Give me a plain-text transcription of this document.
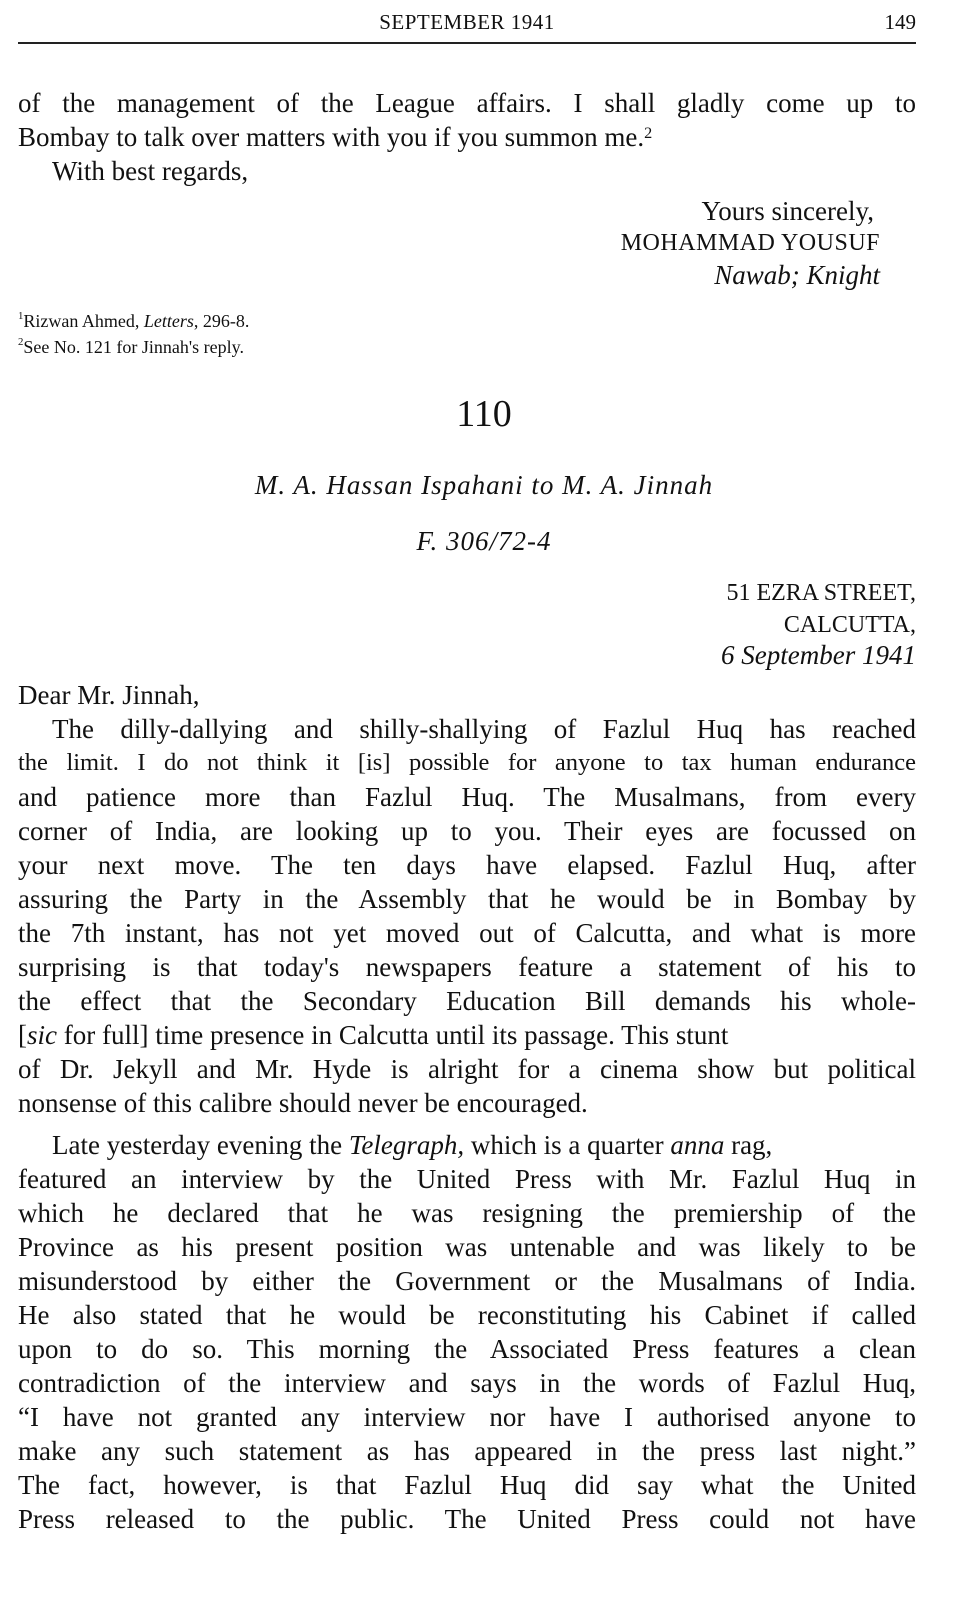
SEPTEMBER 1941	149
of the management of the League affairs. I shall gladly come up to
Bombay to talk over matters with you if you summon me.$^2$
With best regards,
Yours sincerely,
MOHAMMAD YOUSUF
Nawab; Knight
$^1$Rizwan Ahmed, Letters, 296-8.
$^2$See No. 121 for Jinnah's reply.
110
M. A. Hassan Ispahani to M. A. Jinnah
F. 306/72-4
51 EZRA STREET,
CALCUTTA,
6 September 1941
Dear Mr. Jinnah,
The dilly-dallying and shilly-shallying of Fazlul Huq has reached
the limit. I do not think it [is] possible for anyone to tax human endurance
and patience more than Fazlul Huq. The Musalmans, from every
corner of India, are looking up to you. Their eyes are focussed on
your next move. The ten days have elapsed. Fazlul Huq, after
assuring the Party in the Assembly that he would be in Bombay by
the 7th instant, has not yet moved out of Calcutta, and what is more
surprising is that today's newspapers feature a statement of his to
the effect that the Secondary Education Bill demands his whole-
[sic for full] time presence in Calcutta until its passage. This stunt
of Dr. Jekyll and Mr. Hyde is alright for a cinema show but political
nonsense of this calibre should never be encouraged.
Late yesterday evening the Telegraph, which is a quarter anna rag,
featured an interview by the United Press with Mr. Fazlul Huq in
which he declared that he was resigning the premiership of the
Province as his present position was untenable and was likely to be
misunderstood by either the Government or the Musalmans of India.
He also stated that he would be reconstituting his Cabinet if called
upon to do so. This morning the Associated Press features a clean
contradiction of the interview and says in the words of Fazlul Huq,
“I have not granted any interview nor have I authorised anyone to
make any such statement as has appeared in the press last night.”
The fact, however, is that Fazlul Huq did say what the United
Press released to the public. The United Press could not have
